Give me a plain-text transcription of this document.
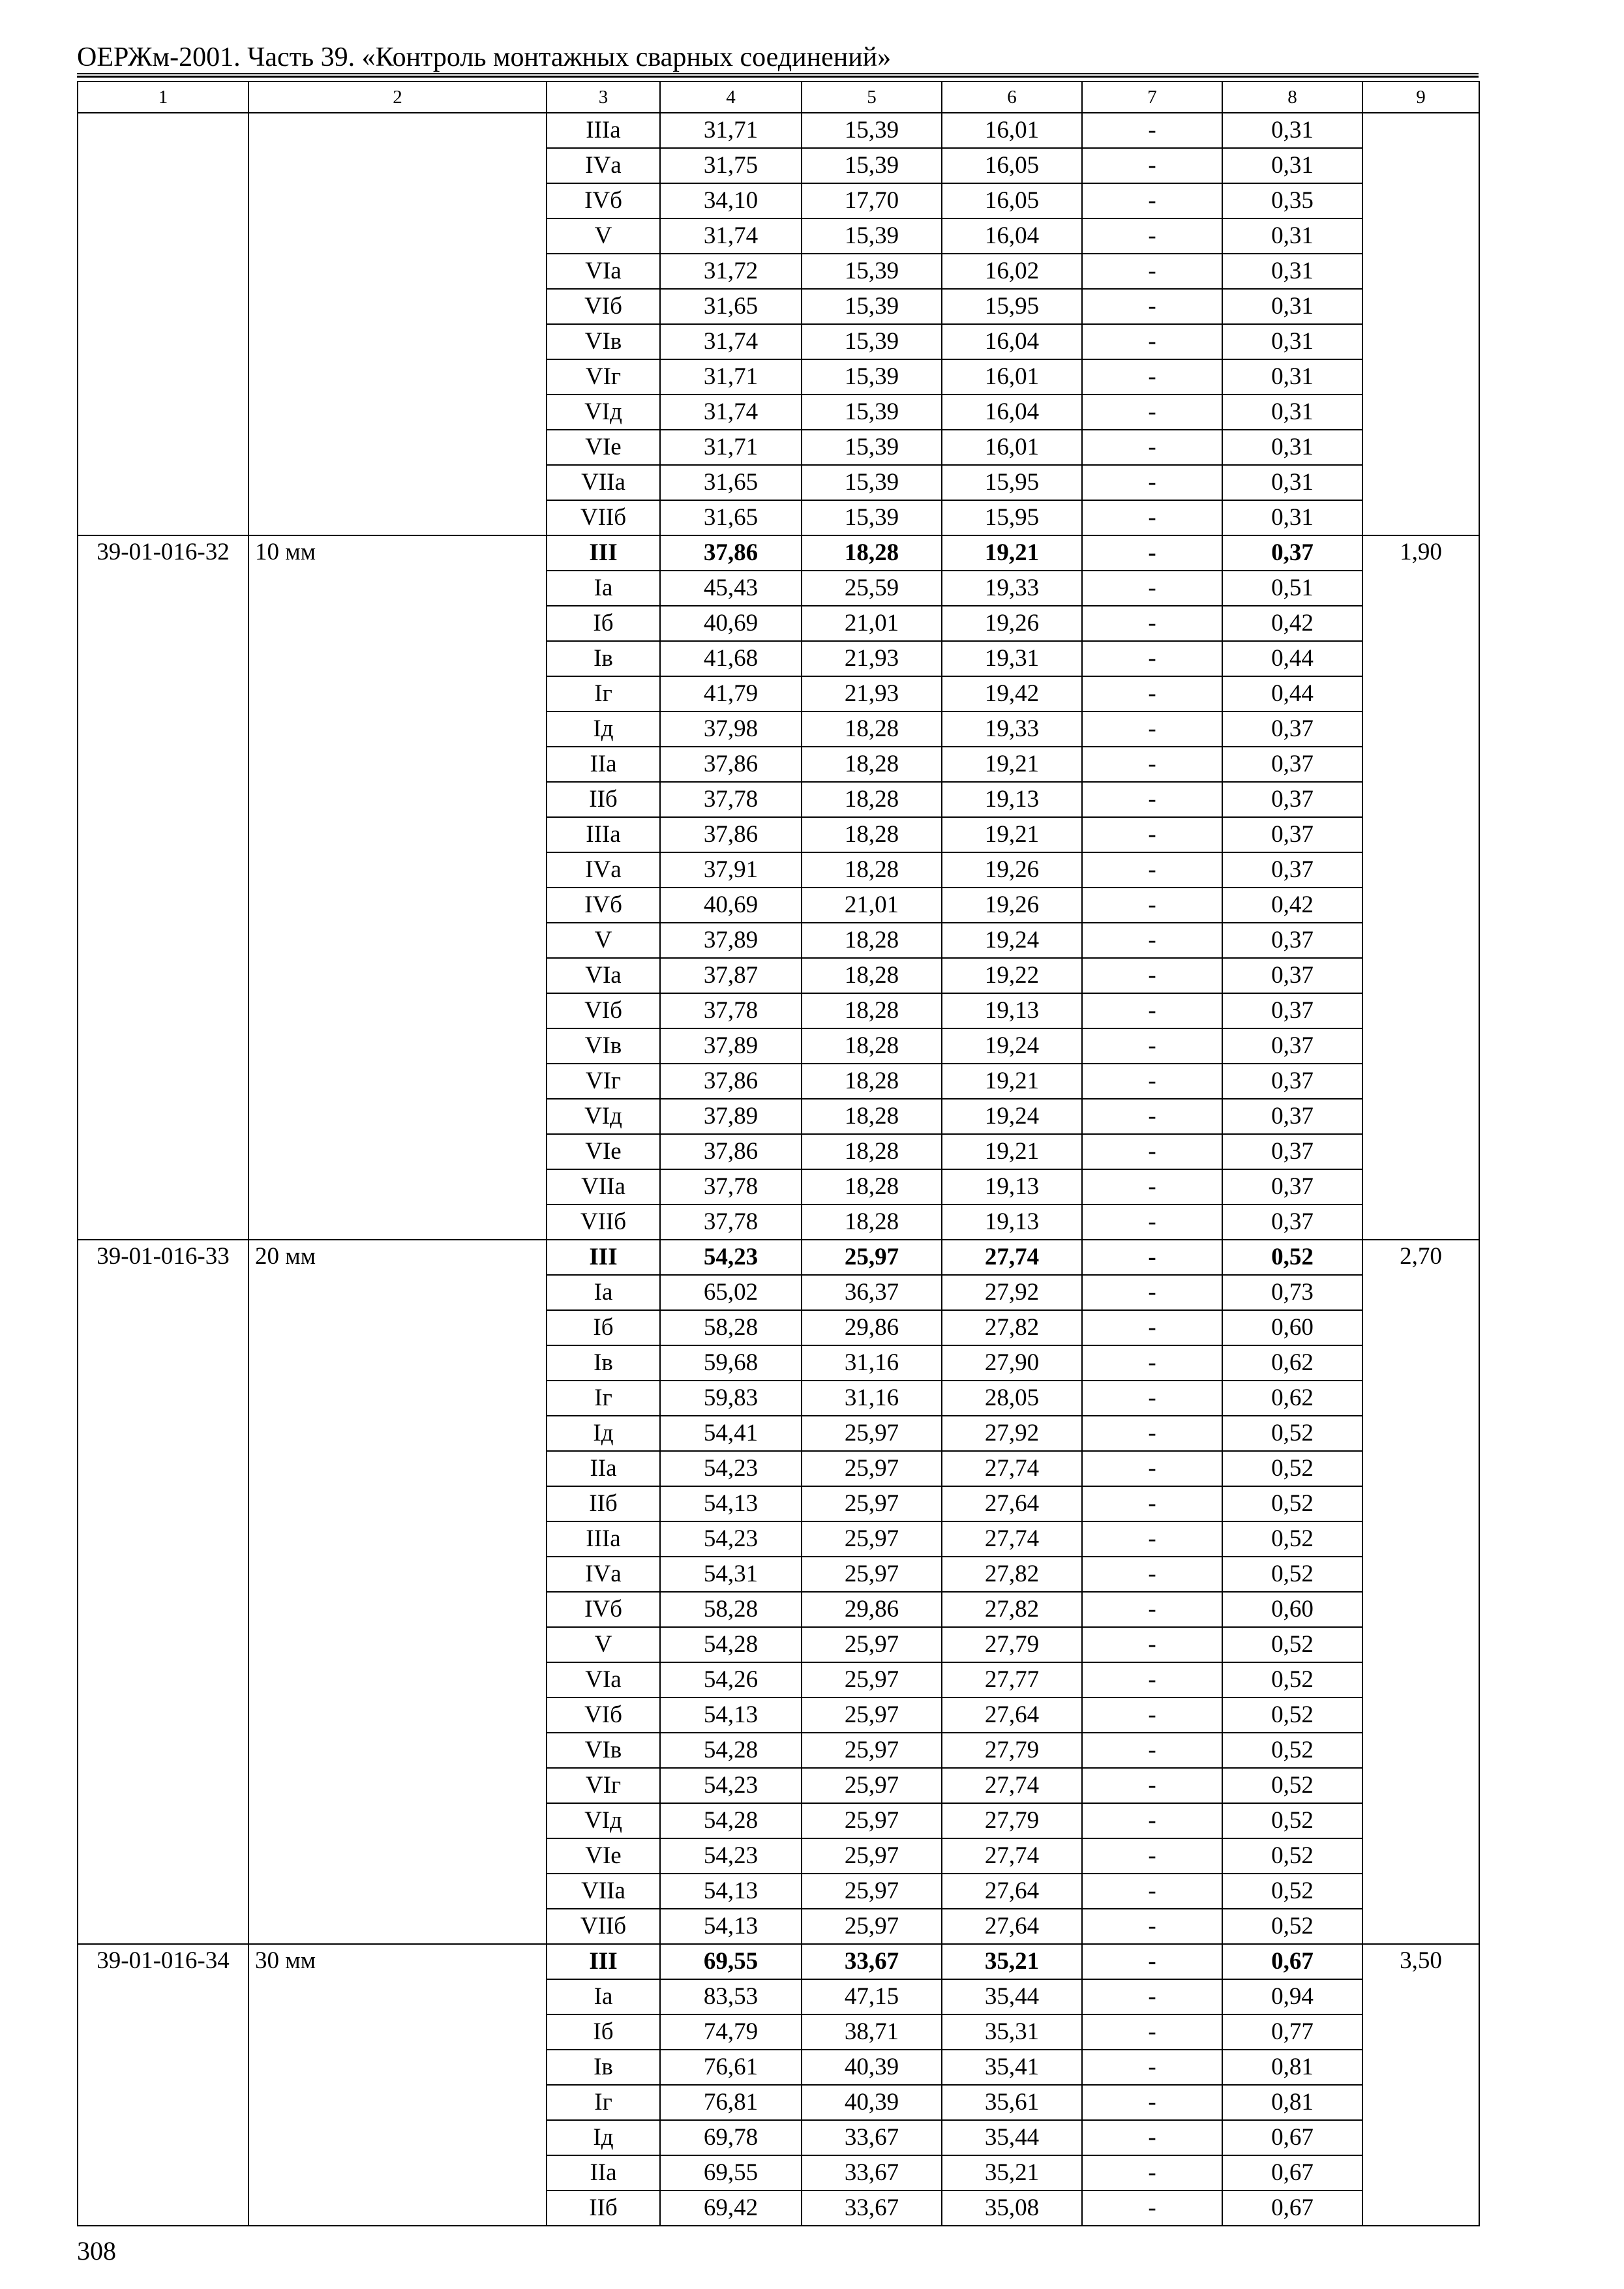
ОЕРЖм-2001. Часть 39. «Контроль монтажных сварных соединений»
1	2	3	4	5	6	7	8	9
		IIIа	31,71	15,39	16,01	-	0,31	
		IVа	31,75	15,39	16,05	-	0,31	
		IVб	34,10	17,70	16,05	-	0,35	
		V	31,74	15,39	16,04	-	0,31	
		VIа	31,72	15,39	16,02	-	0,31	
		VIб	31,65	15,39	15,95	-	0,31	
		VIв	31,74	15,39	16,04	-	0,31	
		VIг	31,71	15,39	16,01	-	0,31	
		VIд	31,74	15,39	16,04	-	0,31	
		VIе	31,71	15,39	16,01	-	0,31	
		VIIа	31,65	15,39	15,95	-	0,31	
		VIIб	31,65	15,39	15,95	-	0,31	
39-01-016-32	10 мм	III	37,86	18,28	19,21	-	0,37	1,90
		Iа	45,43	25,59	19,33	-	0,51	
		Iб	40,69	21,01	19,26	-	0,42	
		Iв	41,68	21,93	19,31	-	0,44	
		Iг	41,79	21,93	19,42	-	0,44	
		Iд	37,98	18,28	19,33	-	0,37	
		IIа	37,86	18,28	19,21	-	0,37	
		IIб	37,78	18,28	19,13	-	0,37	
		IIIа	37,86	18,28	19,21	-	0,37	
		IVа	37,91	18,28	19,26	-	0,37	
		IVб	40,69	21,01	19,26	-	0,42	
		V	37,89	18,28	19,24	-	0,37	
		VIа	37,87	18,28	19,22	-	0,37	
		VIб	37,78	18,28	19,13	-	0,37	
		VIв	37,89	18,28	19,24	-	0,37	
		VIг	37,86	18,28	19,21	-	0,37	
		VIд	37,89	18,28	19,24	-	0,37	
		VIе	37,86	18,28	19,21	-	0,37	
		VIIа	37,78	18,28	19,13	-	0,37	
		VIIб	37,78	18,28	19,13	-	0,37	
39-01-016-33	20 мм	III	54,23	25,97	27,74	-	0,52	2,70
		Iа	65,02	36,37	27,92	-	0,73	
		Iб	58,28	29,86	27,82	-	0,60	
		Iв	59,68	31,16	27,90	-	0,62	
		Iг	59,83	31,16	28,05	-	0,62	
		Iд	54,41	25,97	27,92	-	0,52	
		IIа	54,23	25,97	27,74	-	0,52	
		IIб	54,13	25,97	27,64	-	0,52	
		IIIа	54,23	25,97	27,74	-	0,52	
		IVа	54,31	25,97	27,82	-	0,52	
		IVб	58,28	29,86	27,82	-	0,60	
		V	54,28	25,97	27,79	-	0,52	
		VIа	54,26	25,97	27,77	-	0,52	
		VIб	54,13	25,97	27,64	-	0,52	
		VIв	54,28	25,97	27,79	-	0,52	
		VIг	54,23	25,97	27,74	-	0,52	
		VIд	54,28	25,97	27,79	-	0,52	
		VIе	54,23	25,97	27,74	-	0,52	
		VIIа	54,13	25,97	27,64	-	0,52	
		VIIб	54,13	25,97	27,64	-	0,52	
39-01-016-34	30 мм	III	69,55	33,67	35,21	-	0,67	3,50
		Iа	83,53	47,15	35,44	-	0,94	
		Iб	74,79	38,71	35,31	-	0,77	
		Iв	76,61	40,39	35,41	-	0,81	
		Iг	76,81	40,39	35,61	-	0,81	
		Iд	69,78	33,67	35,44	-	0,67	
		IIа	69,55	33,67	35,21	-	0,67	
		IIб	69,42	33,67	35,08	-	0,67	
308
